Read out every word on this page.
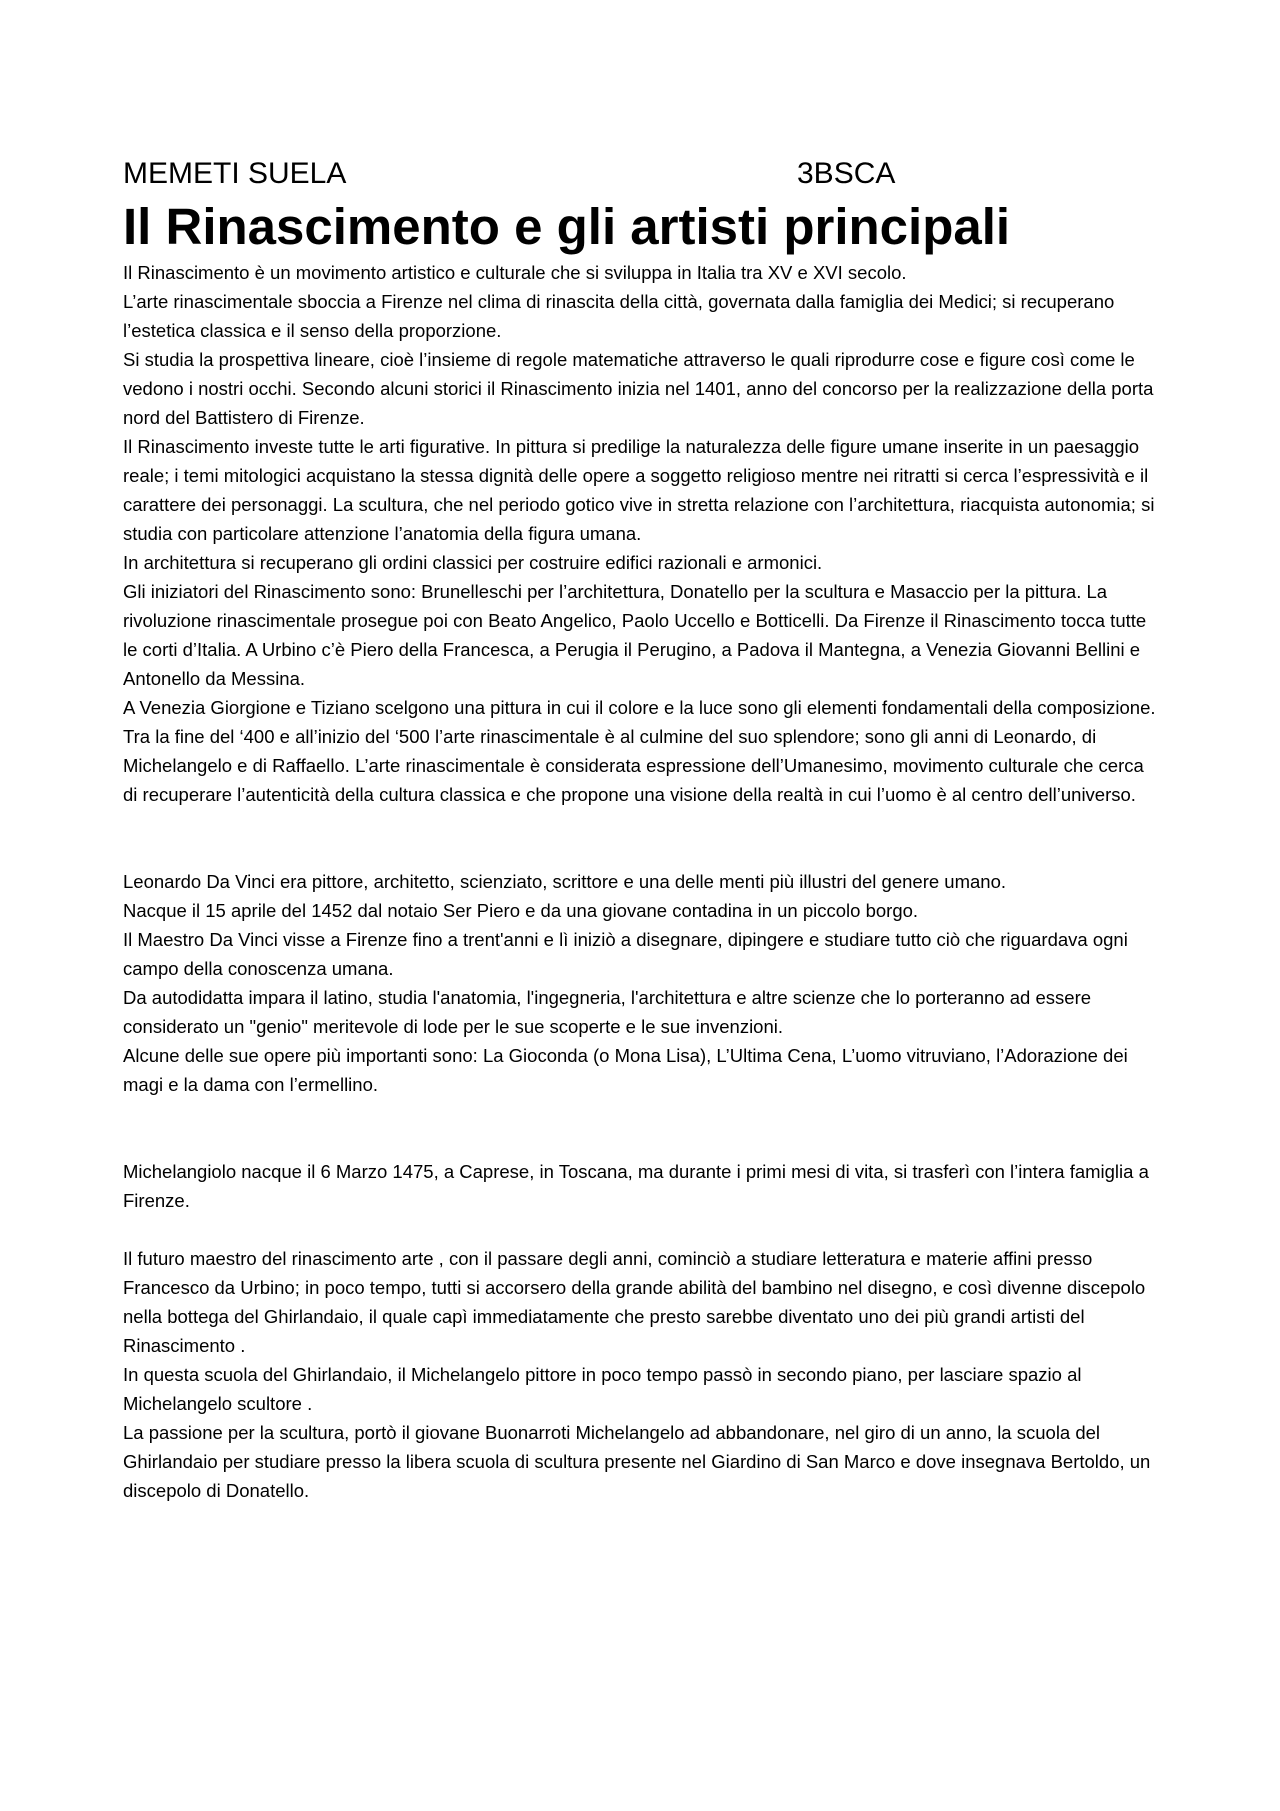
MEMETI SUELA	3BSCA
Il Rinascimento e gli artisti principali

Il Rinascimento è un movimento artistico e culturale che si sviluppa in Italia tra XV e XVI secolo.

L’arte rinascimentale sboccia a Firenze nel clima di rinascita della città, governata dalla famiglia dei Medici; si recuperano l’estetica classica e il senso della proporzione.

Si studia la prospettiva lineare, cioè l’insieme di regole matematiche attraverso le quali riprodurre cose e figure così come le vedono i nostri occhi. Secondo alcuni storici il Rinascimento inizia nel 1401, anno del concorso per la realizzazione della porta nord del Battistero di Firenze.

Il Rinascimento investe tutte le arti figurative. In pittura si predilige la naturalezza delle figure umane inserite in un paesaggio reale; i temi mitologici acquistano la stessa dignità delle opere a soggetto religioso mentre nei ritratti si cerca l’espressività e il carattere dei personaggi. La scultura, che nel periodo gotico vive in stretta relazione con l’architettura, riacquista autonomia; si studia con particolare attenzione l’anatomia della figura umana.

In architettura si recuperano gli ordini classici per costruire edifici razionali e armonici.

Gli iniziatori del Rinascimento sono: Brunelleschi per l’architettura, Donatello per la scultura e Masaccio per la pittura. La rivoluzione rinascimentale prosegue poi con Beato Angelico, Paolo Uccello e Botticelli. Da Firenze il Rinascimento tocca tutte le corti d’Italia. A Urbino c’è Piero della Francesca, a Perugia il Perugino, a Padova il Mantegna, a Venezia Giovanni Bellini e Antonello da Messina.

A Venezia Giorgione e Tiziano scelgono una pittura in cui il colore e la luce sono gli elementi fondamentali della composizione.

Tra la fine del ‘400 e all’inizio del ‘500 l’arte rinascimentale è al culmine del suo splendore; sono gli anni di Leonardo, di Michelangelo e di Raffaello. L’arte rinascimentale è considerata espressione dell’Umanesimo, movimento culturale che cerca di recuperare l’autenticità della cultura classica e che propone una visione della realtà in cui l’uomo è al centro dell’universo.

Leonardo Da Vinci era pittore, architetto, scienziato, scrittore e una delle menti più illustri del genere umano.

Nacque il 15 aprile del 1452 dal notaio Ser Piero e da una giovane contadina in un piccolo borgo.

Il Maestro Da Vinci visse a Firenze fino a trent'anni e lì iniziò a disegnare, dipingere e studiare tutto ciò che riguardava ogni campo della conoscenza umana.

Da autodidatta impara il latino, studia l'anatomia, l'ingegneria, l'architettura e altre scienze che lo porteranno ad essere considerato un "genio" meritevole di lode per le sue scoperte e le sue invenzioni.

Alcune delle sue opere più importanti sono: La Gioconda (o Mona Lisa), L’Ultima Cena, L’uomo vitruviano, l’Adorazione dei magi e la dama con l’ermellino.

Michelangiolo nacque il 6 Marzo 1475, a Caprese, in Toscana, ma durante i primi mesi di vita, si trasferì con l’intera famiglia a Firenze.

Il futuro maestro del rinascimento arte , con il passare degli anni, cominciò a studiare letteratura e materie affini presso Francesco da Urbino; in poco tempo, tutti si accorsero della grande abilità del bambino nel disegno, e così divenne discepolo nella bottega del Ghirlandaio, il quale capì immediatamente che presto sarebbe diventato uno dei più grandi artisti del Rinascimento .

In questa scuola del Ghirlandaio, il Michelangelo pittore in poco tempo passò in secondo piano, per lasciare spazio al Michelangelo scultore .

La passione per la scultura, portò il giovane Buonarroti Michelangelo ad abbandonare, nel giro di un anno, la scuola del Ghirlandaio per studiare presso la libera scuola di scultura presente nel Giardino di San Marco e dove insegnava Bertoldo, un discepolo di Donatello.
